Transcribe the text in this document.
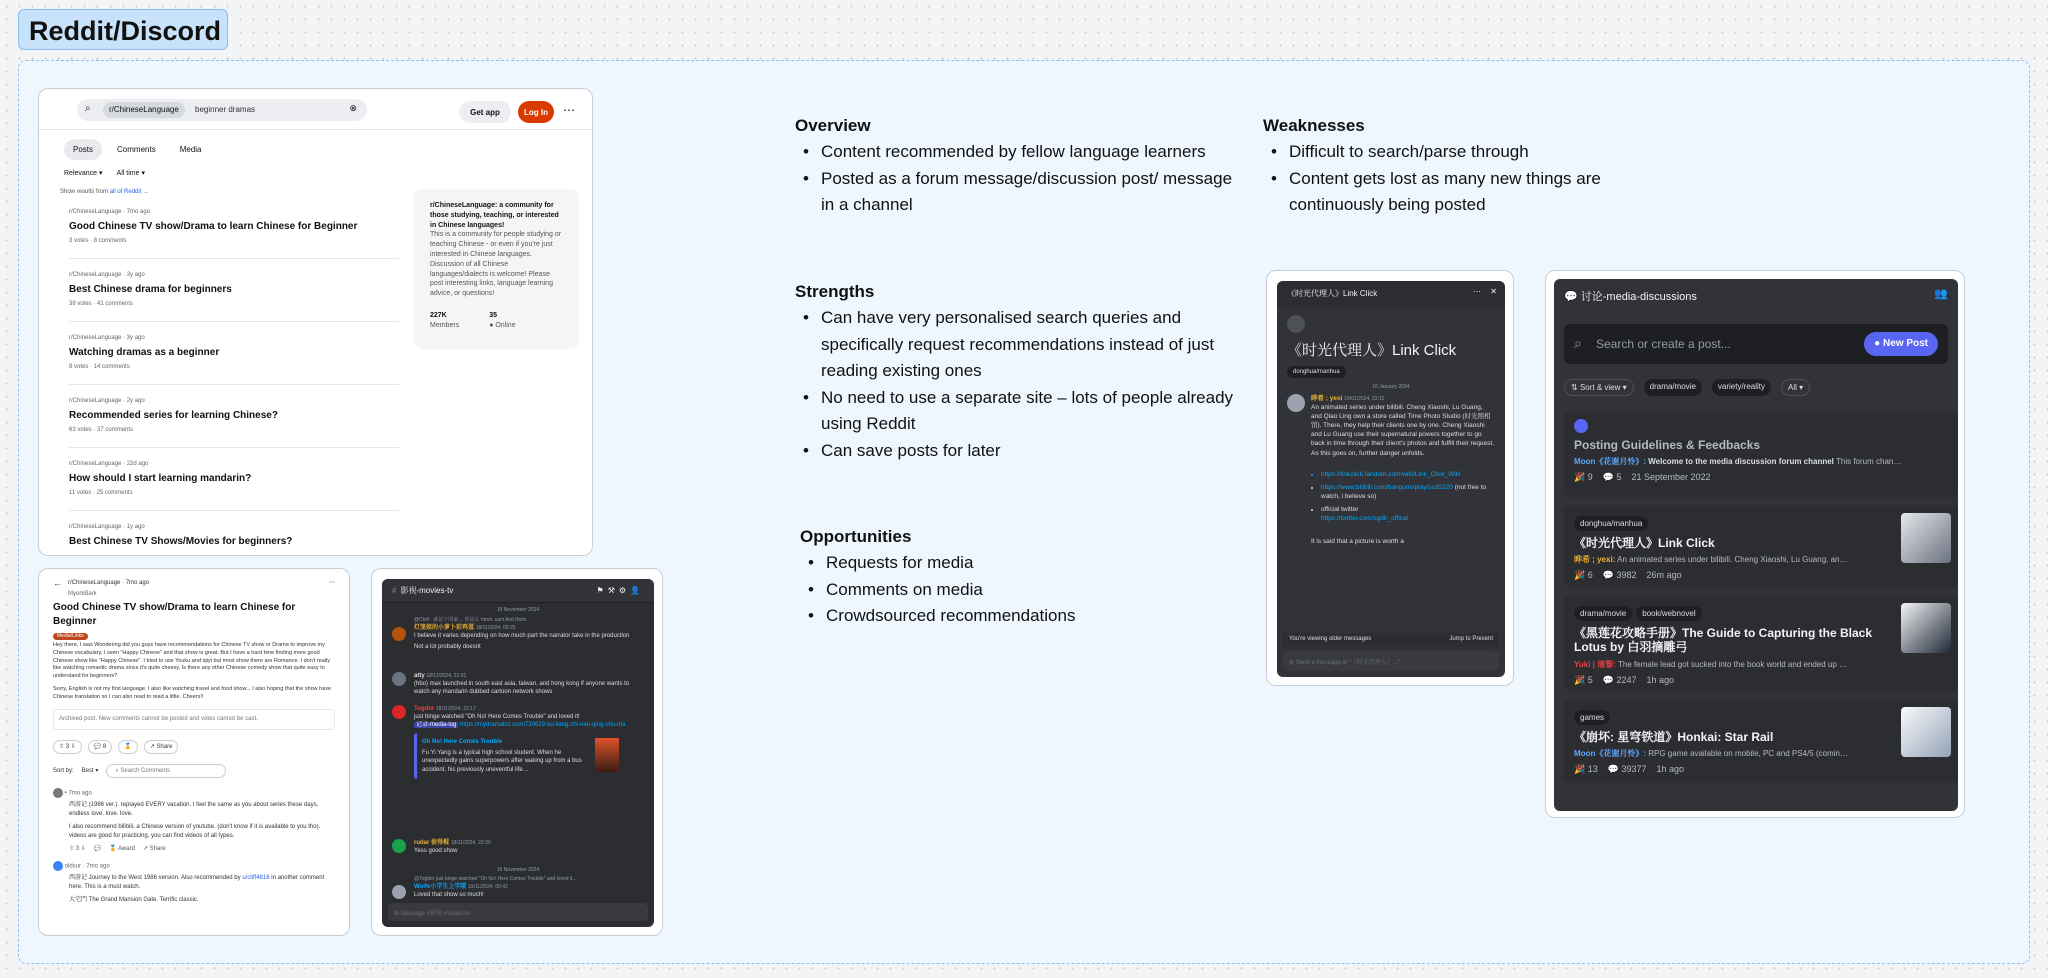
Reddit/Discord
⌕	r/ChineseLanguage	beginner dramas	⊗	Get app	Log In ⋯
Posts	Comments	Media
Relevance ▾ All time ▾
Show results from all of Reddit →
r/ChineseLanguage · 7mo ago
Good Chinese TV show/Drama to learn Chinese for Beginner
3 votes · 8 comments
r/ChineseLanguage · 3y ago
Best Chinese drama for beginners
38 votes · 41 comments
r/ChineseLanguage · 3y ago
Watching dramas as a beginner
8 votes · 14 comments
r/ChineseLanguage · 2y ago
Recommended series for learning Chinese?
63 votes · 37 comments
r/ChineseLanguage · 22d ago
How should I start learning mandarin?
11 votes · 25 comments
r/ChineseLanguage · 1y ago
Best Chinese TV Shows/Movies for beginners?
r/ChineseLanguage: a community for those studying, teaching, or interested in Chinese languages!
This is a community for people studying or teaching Chinese - or even if you're just interested in Chinese languages. Discussion of all Chinese languages/dialects is welcome! Please post interesting links, language learning advice, or questions!
227K
Members
35
● Online
← r/ChineseLanguage · 7mo ago	⋯
MyorkBark
Good Chinese TV show/Drama to learn Chinese for Beginner
Media/Links
Hey there, I was Wondering did you guys have recommendations for Chinese TV show or Drama to improve my Chinese vocabulary, I seen "Happy Chinese" and that show is great. But I have a hard time finding more good Chinese show like "Happy Chinese". I tried to use Youku and iqiyi but most show there are Romance. I don't really like watching romantic drama since it's quite cheesy. Is there any other Chinese comedy show that quite easy to understand for beginners?
Sorry, English is not my first language. I also like watching travel and food show... I also hoping that the show have Chinese translation so I can also read to read a little. Cheers!!
Archived post. New comments cannot be posted and votes cannot be cast.
⇧ 3 ⇩	💬 8	🏅	↗ Share
Sort by: Best ▾	⌕ Search Comments
• 7mo ago
西游记 (1986 ver.). replayed EVERY vacation. I feel the same as you about series these days, endless love. love. love.
I also recommend bilibili, a Chinese version of youtube. (don't know if it is available to you tho). videos are good for practicing, you can find videos of all types.
⇧ 3 ⇩ 💬 🏅 Award ↗ Share
oldsur · 7mo ago
西游记 Journey to the West 1986 version. Also recommended by u/cliff4816 in another comment here. This is a must watch.
大宅門 The Grand Mansion Gate. Terrific classic.
# 影视-movies-tv	⚑⚒⚙👤
18 November 2024
@Chill · 就是个国家… 你是么 hmm..sam.find them
灯笼姐的小萝卜彩鸡蛋 18/11/2024, 00:25
I believe it varies depending on how much part the narrator take in the production
Not a lot probably doesnt
atty 18/11/2024, 21:01
(hbo) max launched in south east asia, taiwan, and hong kong if anyone wants to watch any mandarin dubbed cartoon network shows
Togdor 18/11/2024, 22:17
just binge watched "Oh No! Here Comes Trouble" and loved it!
记录-media-log https://mydramalist.com/720629-bu-liang-zhi-nan-qing-chu-ma
Oh No! Here Comes Trouble
Fu Yi Yang is a typical high school student. When he unexpectedly gains superpowers after waking up from a bus accident, his previously uneventful life…
rudar 彼得棍 18/11/2024, 22:30
Yess good show
19 November 2024
@Togdor just binge watched "Oh No! Here Comes Trouble" and loved it...
Wolfe小学生上学喽 19/11/2024, 00:42
Loved that show so much!
⊕ Message #影视-movies-tv
Overview
• Content recommended by fellow language learners
• Posted as a forum message/discussion post/ message in a channel
Strengths
• Can have very personalised search queries and specifically request recommendations instead of just reading existing ones
• No need to use a separate site – lots of people already using Reddit
• Can save posts for later
Opportunities
• Requests for media
• Comments on media
• Crowdsourced recommendations
Weaknesses
• Difficult to search/parse through
• Content gets lost as many new things are continuously being posted
《时光代理人》Link Click	⋯ ✕
《时光代理人》Link Click
donghua/manhua
16 January 2024
晔希 ; yexi 16/01/2024, 22:12
An animated series under bilibili. Cheng Xiaoshi, Lu Guang, and Qiao Ling own a store called Time Photo Studio (时光照相馆). There, they help their clients one by one. Cheng Xiaoshi and Lu Guang use their supernatural powers together to go back in time through their client's photos and fulfill their request. As this goes on, further danger unfolds.
• https://linkclick.fandom.com/wiki/Link_Click_Wiki
• https://www.bilibili.com/bangumi/play/ss35220 (not free to watch, i believe so)
• official twitter
https://twitter.com/sgdlr_offical
It is said that a picture is worth a
You're viewing older messages	Jump to Present
⊕ Send a message in "《时光代理人》..."
💬 讨论-media-discussions	👥
⌕ Search or create a post...	● New Post
⇅ Sort & view ▾	drama/movie	variety/reality	All ▾
Posting Guidelines & Feedbacks
Moon《花谢月怜》: Welcome to the media discussion forum channel This forum chan…
🎉 9 💬 5 21 September 2022
donghua/manhua
《时光代理人》Link Click
晔希 ; yexi: An animated series under bilibili. Cheng Xiaoshi, Lu Guang, an…
🎉 6 💬 3982 26m ago
drama/movie book/webnovel
《黑莲花攻略手册》The Guide to Capturing the Black Lotus by 白羽摘雕弓
Yuki | 瑾黎: The female lead got sucked into the book world and ended up …
🎉 5 💬 2247 1h ago
games
《崩坏: 星穹铁道》Honkai: Star Rail
Moon《花谢月怜》: RPG game available on mobile, PC and PS4/5 (comin…
🎉 13 💬 39377 1h ago
